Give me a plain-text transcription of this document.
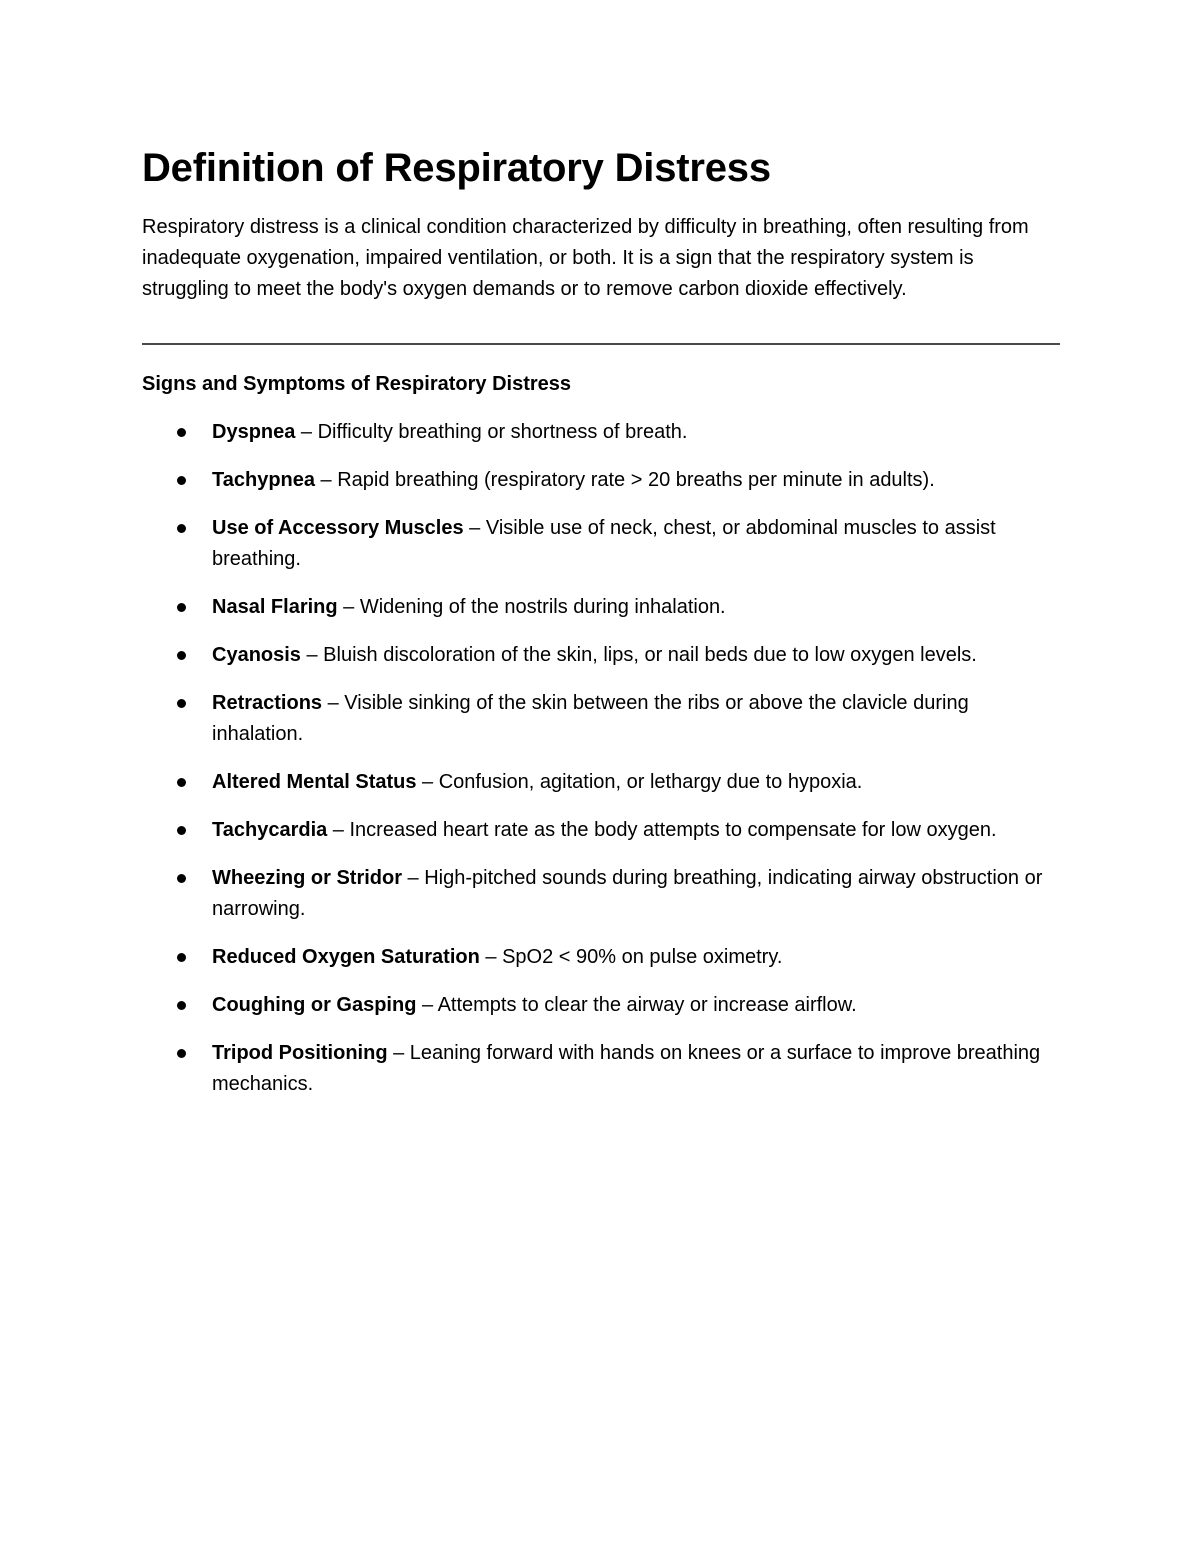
Definition of Respiratory Distress

Respiratory distress is a clinical condition characterized by difficulty in breathing, often resulting from inadequate oxygenation, impaired ventilation, or both. It is a sign that the respiratory system is struggling to meet the body's oxygen demands or to remove carbon dioxide effectively.

Signs and Symptoms of Respiratory Distress

Dyspnea – Difficulty breathing or shortness of breath.
Tachypnea – Rapid breathing (respiratory rate > 20 breaths per minute in adults).
Use of Accessory Muscles – Visible use of neck, chest, or abdominal muscles to assist breathing.
Nasal Flaring – Widening of the nostrils during inhalation.
Cyanosis – Bluish discoloration of the skin, lips, or nail beds due to low oxygen levels.
Retractions – Visible sinking of the skin between the ribs or above the clavicle during inhalation.
Altered Mental Status – Confusion, agitation, or lethargy due to hypoxia.
Tachycardia – Increased heart rate as the body attempts to compensate for low oxygen.
Wheezing or Stridor – High-pitched sounds during breathing, indicating airway obstruction or narrowing.
Reduced Oxygen Saturation – SpO2 < 90% on pulse oximetry.
Coughing or Gasping – Attempts to clear the airway or increase airflow.
Tripod Positioning – Leaning forward with hands on knees or a surface to improve breathing mechanics.
